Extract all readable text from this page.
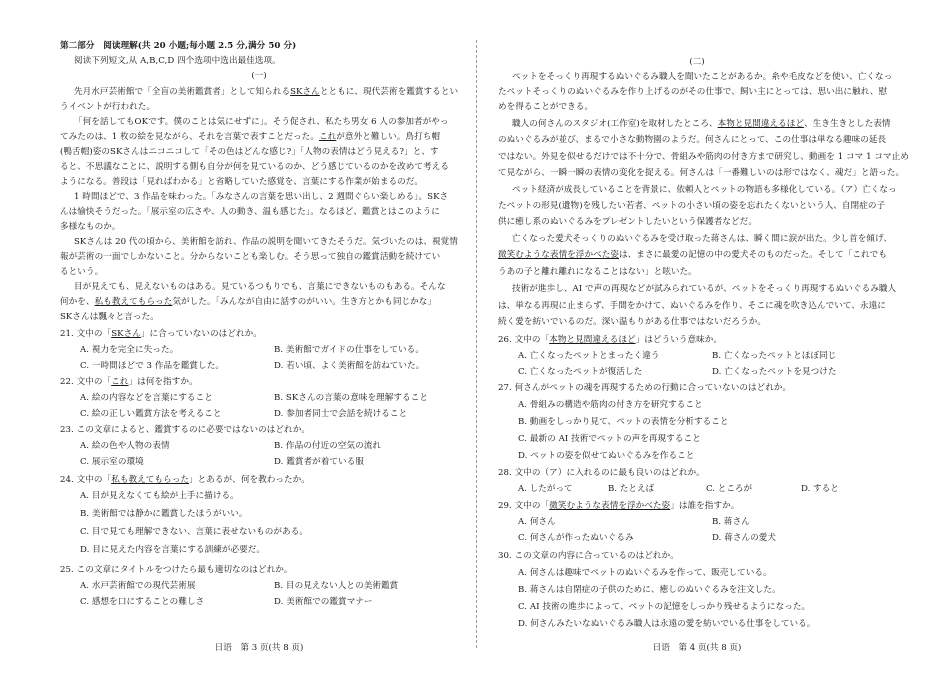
第二部分　阅读理解(共 20 小题;每小题 2.5 分,满分 50 分)
阅读下列短文,从 A,B,C,D 四个选项中选出最佳选项。
(一)
先月水戸芸術館で「全盲の美術鑑賞者」として知られるSKさんとともに、現代芸術を鑑賞するとい
うイベントが行われた。
「何を話してもOKです。僕のことは気にせずに」。そう促され、私たち男女 6 人の参加者がやっ
てみたのは、1 枚の絵を見ながら、それを言葉で表すことだった。これが意外と難しい。鳥打ち帽
(鴨舌帽)姿のSKさんはニコニコして「その色はどんな感じ?」「人物の表情はどう見える?」と、す
ると、不思議なことに、説明する側も自分が何を見ているのか、どう感じているのかを改めて考える
ようになる。普段は「見ればわかる」と省略していた感覚を、言葉にする作業が始まるのだ。
1 時間ほどで、3 作品を味わった。「みなさんの言葉を思い出し、2 週間ぐらい楽しめる」。SKさ
んは愉快そうだった。「展示室の広さや、人の動き、温も感じた」。なるほど、鑑賞とはこのように
多様なものか。
SKさんは 20 代の頃から、美術館を訪れ、作品の説明を聞いてきたそうだ。気づいたのは、視覚情
報が芸術の一面でしかないこと。分からないことも楽しむ。そう思って独自の鑑賞活動を続けてい
るという。
目が見えても、見えないものはある。見ているつもりでも、言葉にできないものもある。そんな
何かを、私も教えてもらった気がした。「みんなが自由に話すのがいい。生き方とかも同じかな」
SKさんは飄々と言った。
21. 文中の「SKさん」に合っていないのはどれか。
A. 視力を完全に失った。	B. 美術館でガイドの仕事をしている。
C. 一時間ほどで 3 作品を鑑賞した。	D. 若い頃、よく美術館を訪ねていた。
22. 文中の「これ」は何を指すか。
A. 絵の内容などを言葉にすること	B. SKさんの言葉の意味を理解すること
C. 絵の正しい鑑賞方法を考えること	D. 参加者同士で会話を続けること
23. この文章によると、鑑賞するのに必要ではないのはどれか。
A. 絵の色や人物の表情	B. 作品の付近の空気の流れ
C. 展示室の環境	D. 鑑賞者が着ている服
24. 文中の「私も教えてもらった」とあるが、何を教わったか。
A. 目が見えなくても絵が上手に描ける。
B. 美術館では静かに鑑賞したほうがいい。
C. 目で見ても理解できない、言葉に表せないものがある。
D. 目に見えた内容を言葉にする訓練が必要だ。
25. この文章にタイトルをつけたら最も適切なのはどれか。
A. 水戸芸術館での現代芸術展	B. 目の見えない人との美術鑑賞
C. 感想を口にすることの難しさ	D. 美術館での鑑賞マナー
日语　第 3 页(共 8 页)
(二)
ペットをそっくり再現するぬいぐるみ職人を聞いたことがあるか。糸や毛皮などを使い、亡くなっ
たペットそっくりのぬいぐるみを作り上げるのがその仕事で、飼い主にとっては、思い出に触れ、慰
めを得ることができる。
職人の何さんのスタジオ(工作室)を取材したところ、本物と見間違えるほど、生き生きとした表情
のぬいぐるみが並び、まるで小さな動物園のようだ。何さんにとって、この仕事は単なる趣味の延長
ではない。外見を似せるだけでは不十分で、骨組みや筋肉の付き方まで研究し、動画を 1 コマ 1 コマ止め
て見ながら、一瞬一瞬の表情の変化を捉える。何さんは「一番難しいのは形ではなく、魂だ」と語った。
ペット経済が成長していることを背景に、依頼人とペットの物語も多様化している。（ア）亡くなっ
たペットの形見(遺物)を残したい若者、ペットの小さい頃の姿を忘れたくないという人、自閉症の子
供に癒し系のぬいぐるみをプレゼントしたいという保護者などだ。
亡くなった愛犬そっくりのぬいぐるみを受け取った蒋さんは、瞬く間に涙が出た。少し首を傾げ、
微笑むような表情を浮かべた姿は、まさに最愛の記憶の中の愛犬そのものだった。そして「これでも
うあの子と離れ離れになることはない」と呟いた。
技術が進歩し、AI で声の再現などが試みられているが、ペットをそっくり再現するぬいぐるみ職人
は、単なる再現に止まらず、手間をかけて、ぬいぐるみを作り、そこに魂を吹き込んでいて、永遠に
続く愛を紡いでいるのだ。深い温もりがある仕事ではないだろうか。
26. 文中の「本物と見間違えるほど」はどういう意味か。
A. 亡くなったペットとまったく違う	B. 亡くなったペットとほぼ同じ
C. 亡くなったペットが復活した	D. 亡くなったペットを見つけた
27. 何さんがペットの魂を再現するための行動に合っていないのはどれか。
A. 骨組みの構造や筋肉の付き方を研究すること
B. 動画をしっかり見て、ペットの表情を分析すること
C. 最新の AI 技術でペットの声を再現すること
D. ペットの姿を似せてぬいぐるみを作ること
28. 文中の（ア）に入れるのに最も良いのはどれか。
A. したがって	B. たとえば	C. ところが	D. すると
29. 文中の「微笑むような表情を浮かべた姿」は誰を指すか。
A. 何さん	B. 蒋さん
C. 何さんが作ったぬいぐるみ	D. 蒋さんの愛犬
30. この文章の内容に合っているのはどれか。
A. 何さんは趣味でペットのぬいぐるみを作って、販売している。
B. 蒋さんは自閉症の子供のために、癒しのぬいぐるみを注文した。
C. AI 技術の進歩によって、ペットの記憶をしっかり残せるようになった。
D. 何さんみたいなぬいぐるみ職人は永遠の愛を紡いでいる仕事をしている。
日语　第 4 页(共 8 页)
